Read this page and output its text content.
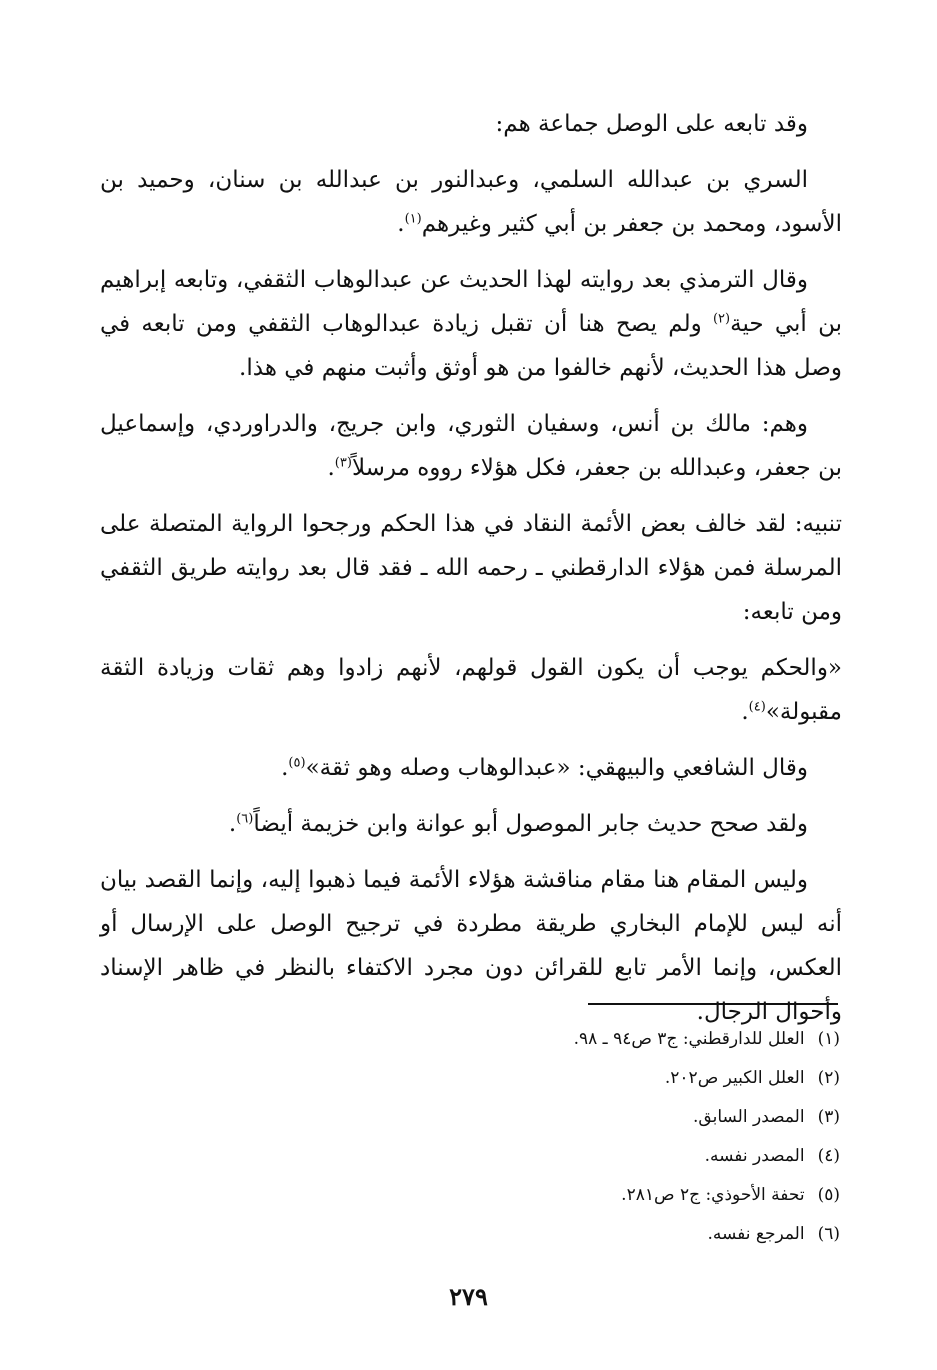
وقد تابعه على الوصل جماعة هم:

السري بن عبدالله السلمي، وعبدالنور بن عبدالله بن سنان، وحميد بن الأسود، ومحمد بن جعفر بن أبي كثير وغيرهم$^{(١)}$.

وقال الترمذي بعد روايته لهذا الحديث عن عبدالوهاب الثقفي، وتابعه إبراهيم بن أبي حية$^{(٢)}$ ولم يصح هنا أن تقبل زيادة عبدالوهاب الثقفي ومن تابعه في وصل هذا الحديث، لأنهم خالفوا من هو أوثق وأثبت منهم في هذا.

وهم: مالك بن أنس، وسفيان الثوري، وابن جريج، والدراوردي، وإسماعيل بن جعفر، وعبدالله بن جعفر، فكل هؤلاء رووه مرسلاً$^{(٣)}$.

تنبيه: لقد خالف بعض الأئمة النقاد في هذا الحكم ورجحوا الرواية المتصلة على المرسلة فمن هؤلاء الدارقطني ـ رحمه الله ـ فقد قال بعد روايته طريق الثقفي ومن تابعه:

«والحكم يوجب أن يكون القول قولهم، لأنهم زادوا وهم ثقات وزيادة الثقة مقبولة»$^{(٤)}$.

وقال الشافعي والبيهقي: «عبدالوهاب وصله وهو ثقة»$^{(٥)}$.

ولقد صحح حديث جابر الموصول أبو عوانة وابن خزيمة أيضاً$^{(٦)}$.

وليس المقام هنا مقام مناقشة هؤلاء الأئمة فيما ذهبوا إليه، وإنما القصد بيان أنه ليس للإمام البخاري طريقة مطردة في ترجيح الوصل على الإرسال أو العكس، وإنما الأمر تابع للقرائن دون مجرد الاكتفاء بالنظر في ظاهر الإسناد وأحوال الرجال.

(١) العلل للدارقطني: ج٣ ص٩٤ ـ ٩٨.
(٢) العلل الكبير ص٢٠٢.
(٣) المصدر السابق.
(٤) المصدر نفسه.
(٥) تحفة الأحوذي: ج٢ ص٢٨١.
(٦) المرجع نفسه.
٢٧٩
